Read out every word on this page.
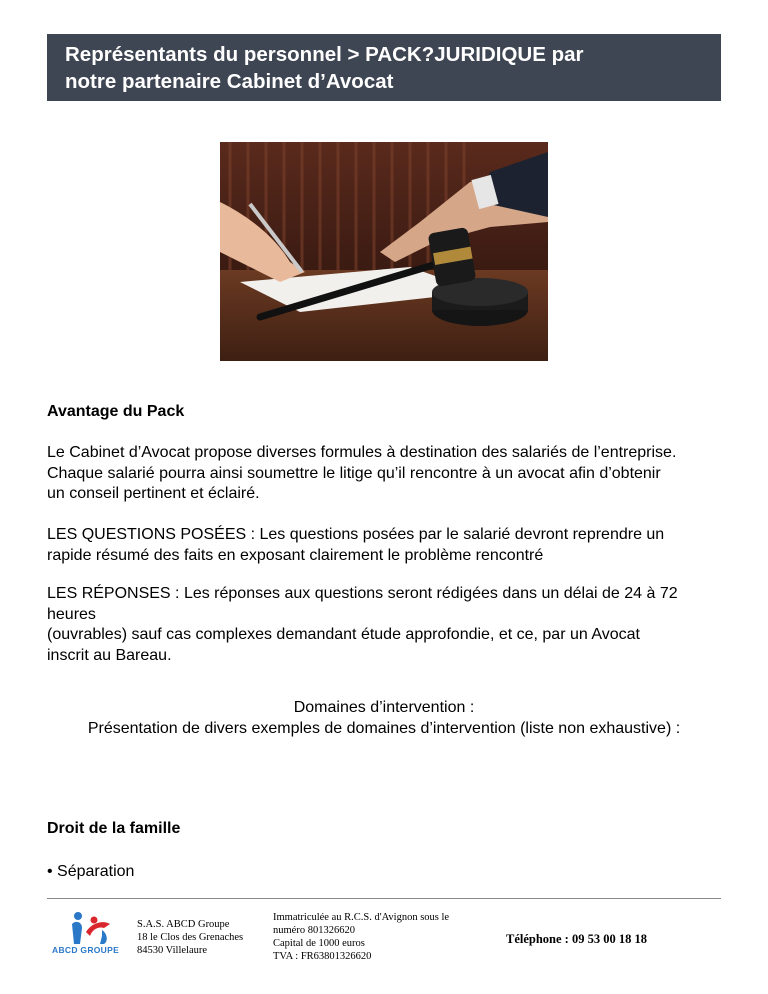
Représentants du personnel > PACK?JURIDIQUE par

notre partenaire Cabinet d’Avocat

Avantage du Pack
Le Cabinet d’Avocat propose diverses formules à destination des salariés de l’entreprise.
Chaque salarié pourra ainsi soumettre le litige qu’il rencontre à un avocat afin d’obtenir
un conseil pertinent et éclairé.
LES QUESTIONS POSÉES : Les questions posées par le salarié devront reprendre un
rapide résumé des faits en exposant clairement le problème rencontré
LES RÉPONSES : Les réponses aux questions seront rédigées dans un délai de 24 à 72
heures
(ouvrables) sauf cas complexes demandant étude approfondie, et ce, par un Avocat
inscrit au Bareau.
Domaines d’intervention :
Présentation de divers exemples de domaines d’intervention (liste non exhaustive) :
Droit de la famille
• Séparation
ABCD GROUPE
S.A.S. ABCD Groupe
18 le Clos des Grenaches
84530 Villelaure
Immatriculée au R.C.S. d'Avignon sous le
numéro 801326620
Capital de 1000 euros
TVA : FR63801326620
Téléphone : 09 53 00 18 18
